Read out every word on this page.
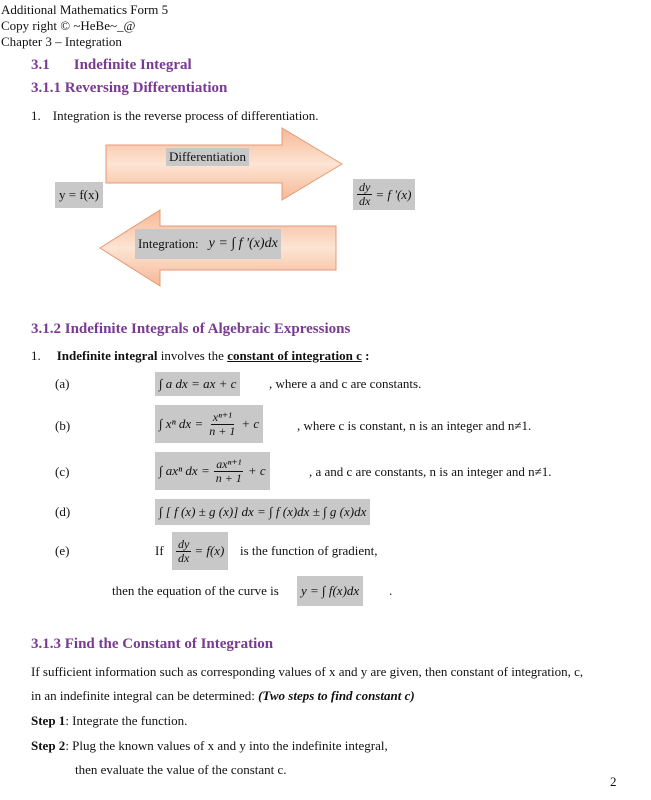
Additional Mathematics Form 5
Copy right © ~HeBe~_@
Chapter 3 – Integration
3.1 Indefinite Integral
3.1.1 Reversing Differentiation
1. Integration is the reverse process of differentiation.
Differentiation
y = f(x)	$\frac{dy}{dx} = f$ '(x)
Integration: y = ∫ f '(x)dx
3.1.2 Indefinite Integrals of Algebraic Expressions
1. Indefinite integral involves the constant of integration c :
(a)	∫ a dx = ax + c	, where a and c are constants.
(b)	∫ xⁿ dx = $\frac{\text{xⁿ⁺¹}}{n + 1} + c$	, where c is constant, n is an integer and n≠1.
(c)	∫ axⁿ dx = $\frac{\text{axⁿ⁺¹}}{n + 1} + c$	, a and c are constants, n is an integer and n≠1.
(d)	∫ [ f (x) ± g (x)] dx = ∫ f (x)dx ± ∫ g (x)dx
(e)	If $\frac{dy}{dx} = f(x)$ is the function of gradient,
then the equation of the curve is	y = ∫ f(x)dx	.
3.1.3 Find the Constant of Integration
If sufficient information such as corresponding values of x and y are given, then constant of integration, c,
in an indefinite integral can be determined: (Two steps to find constant c)
Step 1: Integrate the function.
Step 2: Plug the known values of x and y into the indefinite integral,
then evaluate the value of the constant c.
2
